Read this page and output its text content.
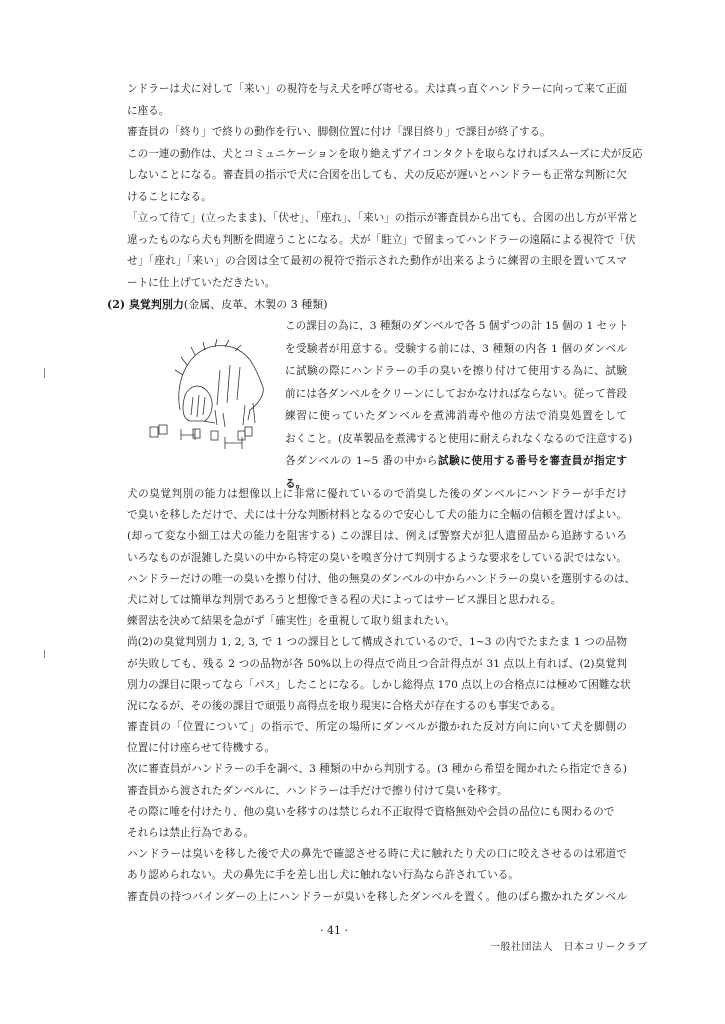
ンドラーは犬に対して「来い」の視符を与え犬を呼び寄せる。犬は真っ直ぐハンドラーに向って来て正面
に座る。
審査員の「終り」で終りの動作を行い、脚側位置に付け「課目終り」で課目が終了する。
この一連の動作は、犬とコミュニケーションを取り絶えずアイコンタクトを取らなければスムーズに犬が反応
しないことになる。審査員の指示で犬に合図を出しても、犬の反応が遅いとハンドラーも正常な判断に欠
けることになる。
「立って待て」(立ったまま)、「伏せ」、「座れ」、「来い」の指示が審査員から出ても、合図の出し方が平常と
違ったものなら犬も判断を間違うことになる。犬が「駐立」で留まってハンドラーの遠隔による視符で「伏
せ」「座れ」「来い」の合図は全て最初の視符で指示された動作が出来るように練習の主眼を置いてスマ
ートに仕上げていただきたい。
(2) 臭覚判別力(金属、皮革、木製の 3 種類)
この課目の為に、3 種類のダンベルで各 5 個ずつの計 15 個の 1 セット
を受験者が用意する。受験する前には、3 種類の内各 1 個のダンベル
に試験の際にハンドラーの手の臭いを擦り付けて使用する為に、試験
前には各ダンベルをクリーンにしておかなければならない。従って普段
練習に使っていたダンベルを煮沸消毒や他の方法で消臭処置をして
おくこと。(皮革製品を煮沸すると使用に耐えられなくなるので注意する)
各ダンベルの 1~5 番の中から試験に使用する番号を審査員が指定す
る。
犬の臭覚判別の能力は想像以上に非常に優れているので消臭した後のダンベルにハンドラーが手だけ
で臭いを移しただけで、犬には十分な判断材料となるので安心して犬の能力に全幅の信頼を置けばよい。
(却って変な小細工は犬の能力を阻害する) この課目は、例えば警察犬が犯人遺留品から追跡するいろ
いろなものが混雑した臭いの中から特定の臭いを嗅ぎ分けて判別するような要求をしている訳ではない。
ハンドラーだけの唯一の臭いを擦り付け、他の無臭のダンベルの中からハンドラーの臭いを選別するのは、
犬に対しては簡単な判別であろうと想像できる程の犬によってはサービス課目と思われる。
練習法を決めて結果を急がず「確実性」を重視して取り組まれたい。
尚(2)の臭覚判別力 1, 2, 3, で 1 つの課目として構成されているので、1~3 の内でたまたま 1 つの品物
が失敗しても、残る 2 つの品物が各 50%以上の得点で尚且つ合計得点が 31 点以上有れば、(2)臭覚判
別力の課目に限ってなら「パス」したことになる。しかし総得点 170 点以上の合格点には極めて困難な状
況になるが、その後の課目で頑張り高得点を取り現実に合格犬が存在するのも事実である。
審査員の「位置について」の指示で、所定の場所にダンベルが撒かれた反対方向に向いて犬を脚側の
位置に付け座らせて待機する。
次に審査員がハンドラーの手を調べ、3 種類の中から判別する。(3 種から希望を聞かれたら指定できる)
審査員から渡されたダンベルに、ハンドラーは手だけで擦り付けて臭いを移す。
その際に唾を付けたり、他の臭いを移すのは禁じられ不正取得で資格無効や会員の品位にも関わるので
それらは禁止行為である。
ハンドラーは臭いを移した後で犬の鼻先で確認させる時に犬に触れたり犬の口に咬えさせるのは邪道で
あり認められない。犬の鼻先に手を差し出し犬に触れない行為なら許されている。
審査員の持つバインダーの上にハンドラーが臭いを移したダンベルを置く。他のばら撒かれたダンベル
· 41 ·
一般社団法人　日本コリークラブ
